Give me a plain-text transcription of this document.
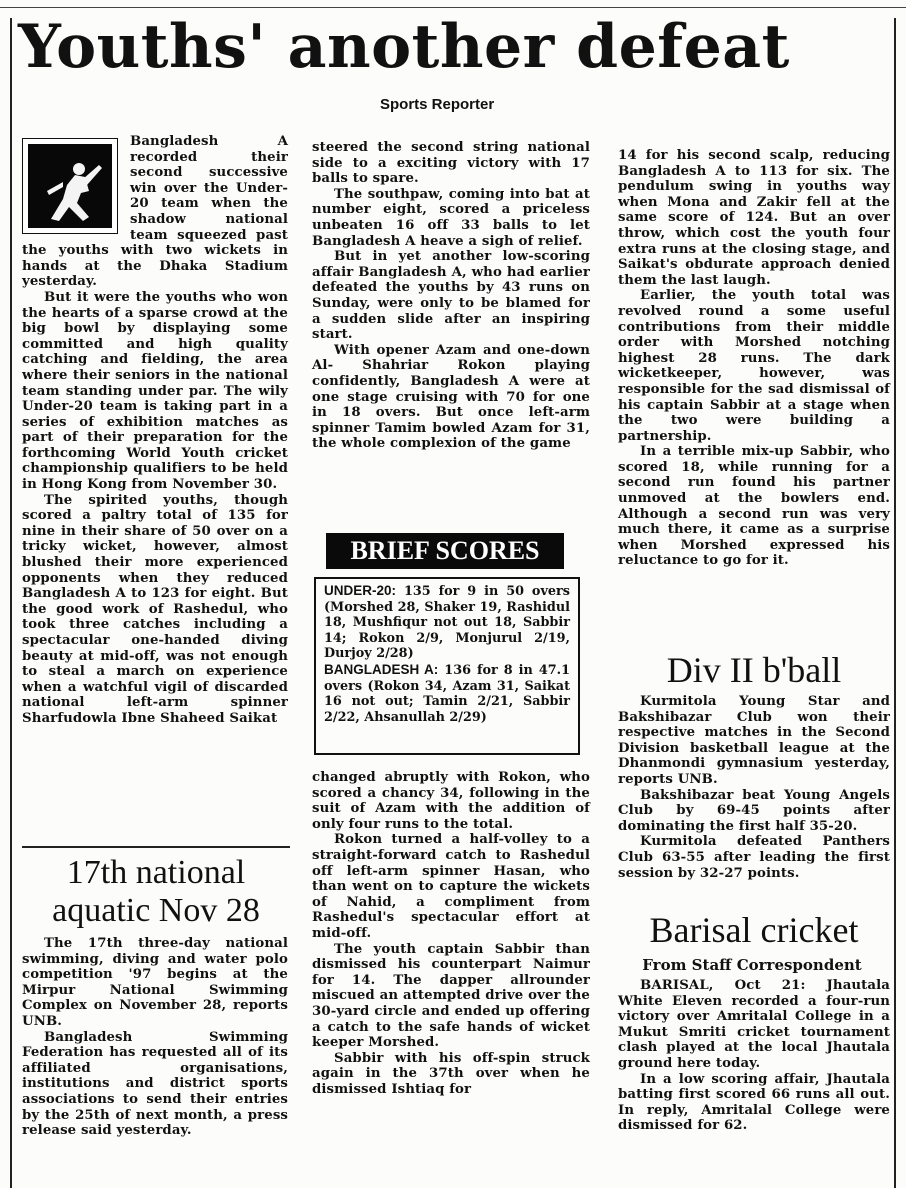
Youths' another defeat
Sports Reporter

Bangladesh A recorded their second successive win over the Under-20 team when the shadow national team squeezed past the youths with two wickets in hands at the Dhaka Stadium yesterday.

But it were the youths who won the hearts of a sparse crowd at the big bowl by displaying some committed and high quality catching and fielding, the area where their seniors in the national team standing under par. The wily Under-20 team is taking part in a series of exhibition matches as part of their preparation for the forthcoming World Youth cricket championship qualifiers to be held in Hong Kong from November 30.

The spirited youths, though scored a paltry total of 135 for nine in their share of 50 over on a tricky wicket, however, almost blushed their more experienced opponents when they reduced Bangladesh A to 123 for eight. But the good work of Rashedul, who took three catches including a spectacular one-handed diving beauty at mid-off, was not enough to steal a march on experience when a watchful vigil of discarded national left-arm spinner Sharfudowla Ibne Shaheed Saikat

17th national
aquatic Nov 28

The 17th three-day national swimming, diving and water polo competition '97 begins at the Mirpur National Swimming Complex on November 28, reports UNB.

Bangladesh Swimming Federation has requested all of its affiliated organisations, institutions and district sports associations to send their entries by the 25th of next month, a press release said yesterday.

steered the second string national side to a exciting victory with 17 balls to spare.

The southpaw, coming into bat at number eight, scored a priceless unbeaten 16 off 33 balls to let Bangladesh A heave a sigh of relief.

But in yet another low-scoring affair Bangladesh A, who had earlier defeated the youths by 43 runs on Sunday, were only to be blamed for a sudden slide after an inspiring start.

With opener Azam and one-down Al- Shahriar Rokon playing confidently, Bangladesh A were at one stage cruising with 70 for one in 18 overs. But once left-arm spinner Tamim bowled Azam for 31, the whole complexion of the game

BRIEF SCORES

UNDER-20: 135 for 9 in 50 overs (Morshed 28, Shaker 19, Rashidul 18, Mushfiqur not out 18, Sabbir 14; Rokon 2/9, Monjurul 2/19, Durjoy 2/28)

BANGLADESH A: 136 for 8 in 47.1 overs (Rokon 34, Azam 31, Saikat 16 not out; Tamin 2/21, Sabbir 2/22, Ahsanullah 2/29)

changed abruptly with Rokon, who scored a chancy 34, following in the suit of Azam with the addition of only four runs to the total.

Rokon turned a half-volley to a straight-forward catch to Rashedul off left-arm spinner Hasan, who than went on to capture the wickets of Nahid, a compliment from Rashedul's spectacular effort at mid-off.

The youth captain Sabbir than dismissed his counterpart Naimur for 14. The dapper allrounder miscued an attempted drive over the 30-yard circle and ended up offering a catch to the safe hands of wicket keeper Morshed.

Sabbir with his off-spin struck again in the 37th over when he dismissed Ishtiaq for

14 for his second scalp, reducing Bangladesh A to 113 for six. The pendulum swing in youths way when Mona and Zakir fell at the same score of 124. But an over throw, which cost the youth four extra runs at the closing stage, and Saikat's obdurate approach denied them the last laugh.

Earlier, the youth total was revolved round a some useful contributions from their middle order with Morshed notching highest 28 runs. The dark wicketkeeper, however, was responsible for the sad dismissal of his captain Sabbir at a stage when the two were building a partnership.

In a terrible mix-up Sabbir, who scored 18, while running for a second run found his partner unmoved at the bowlers end. Although a second run was very much there, it came as a surprise when Morshed expressed his reluctance to go for it.

Div II b'ball

Kurmitola Young Star and Bakshibazar Club won their respective matches in the Second Division basketball league at the Dhanmondi gymnasium yesterday, reports UNB.

Bakshibazar beat Young Angels Club by 69-45 points after dominating the first half 35-20.

Kurmitola defeated Panthers Club 63-55 after leading the first session by 32-27 points.

Barisal cricket
From Staff Correspondent

BARISAL, Oct 21: Jhautala White Eleven recorded a four-run victory over Amritalal College in a Mukut Smriti cricket tournament clash played at the local Jhautala ground here today.

In a low scoring affair, Jhautala batting first scored 66 runs all out. In reply, Amritalal College were dismissed for 62.
